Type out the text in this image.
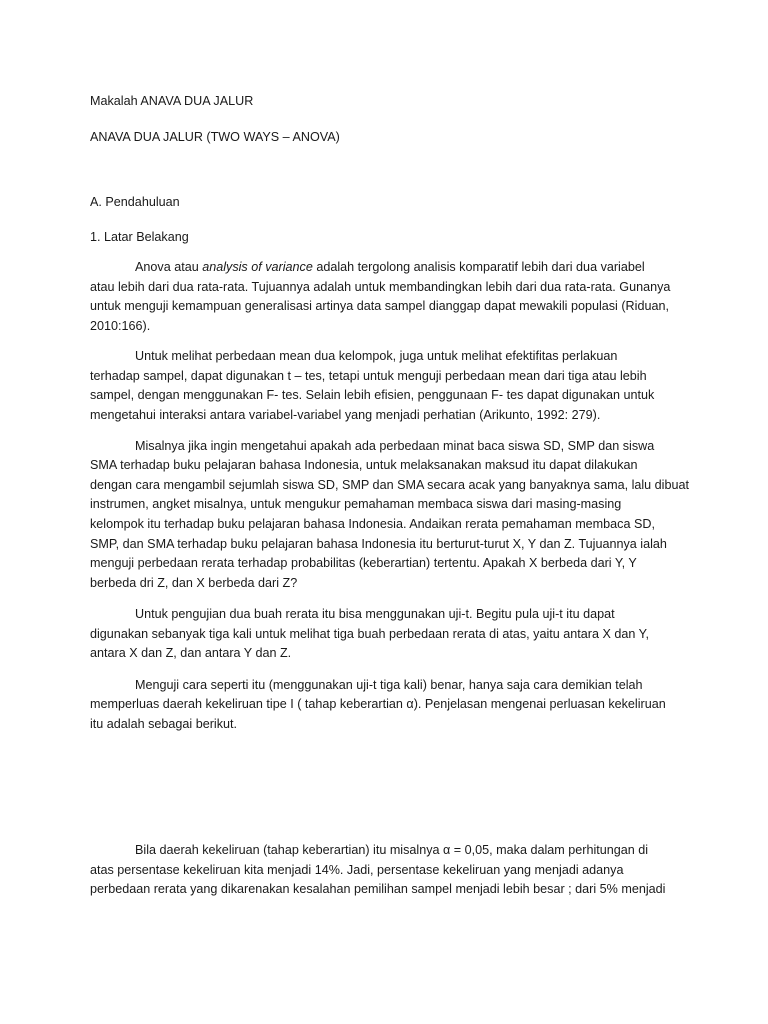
Makalah ANAVA DUA JALUR
ANAVA DUA JALUR (TWO WAYS – ANOVA)
A. Pendahuluan
1. Latar Belakang
Anova atau analysis of variance adalah tergolong analisis komparatif lebih dari dua variabel
atau lebih dari dua rata-rata. Tujuannya adalah untuk membandingkan lebih dari dua rata-rata. Gunanya
untuk menguji kemampuan generalisasi artinya data sampel dianggap dapat mewakili populasi (Riduan,
2010:166).
Untuk melihat perbedaan mean dua kelompok, juga untuk melihat efektifitas perlakuan
terhadap sampel, dapat digunakan t – tes, tetapi untuk menguji perbedaan mean dari tiga atau lebih
sampel, dengan menggunakan F- tes. Selain lebih efisien, penggunaan F- tes dapat digunakan untuk
mengetahui interaksi antara variabel-variabel yang menjadi perhatian (Arikunto, 1992: 279).
Misalnya jika ingin mengetahui apakah ada perbedaan minat baca siswa SD, SMP dan siswa
SMA terhadap buku pelajaran bahasa Indonesia, untuk melaksanakan maksud itu dapat dilakukan
dengan cara mengambil sejumlah siswa SD, SMP dan SMA secara acak yang banyaknya sama, lalu dibuat
instrumen, angket misalnya, untuk mengukur pemahaman membaca siswa dari masing-masing
kelompok itu terhadap buku pelajaran bahasa Indonesia. Andaikan rerata pemahaman membaca SD,
SMP, dan SMA terhadap buku pelajaran bahasa Indonesia itu berturut-turut X, Y dan Z. Tujuannya ialah
menguji perbedaan rerata terhadap probabilitas (keberartian) tertentu. Apakah X berbeda dari Y, Y
berbeda dri Z, dan X berbeda dari Z?
Untuk pengujian dua buah rerata itu bisa menggunakan uji-t. Begitu pula uji-t itu dapat
digunakan sebanyak tiga kali untuk melihat tiga buah perbedaan rerata di atas, yaitu antara X dan Y,
antara X dan Z, dan antara Y dan Z.
Menguji cara seperti itu (menggunakan uji-t tiga kali) benar, hanya saja cara demikian telah
memperluas daerah kekeliruan tipe I ( tahap keberartian α). Penjelasan mengenai perluasan kekeliruan
itu adalah sebagai berikut.
Bila daerah kekeliruan (tahap keberartian) itu misalnya α = 0,05, maka dalam perhitungan di
atas persentase kekeliruan kita menjadi 14%. Jadi, persentase kekeliruan yang menjadi adanya
perbedaan rerata yang dikarenakan kesalahan pemilihan sampel menjadi lebih besar ; dari 5% menjadi
